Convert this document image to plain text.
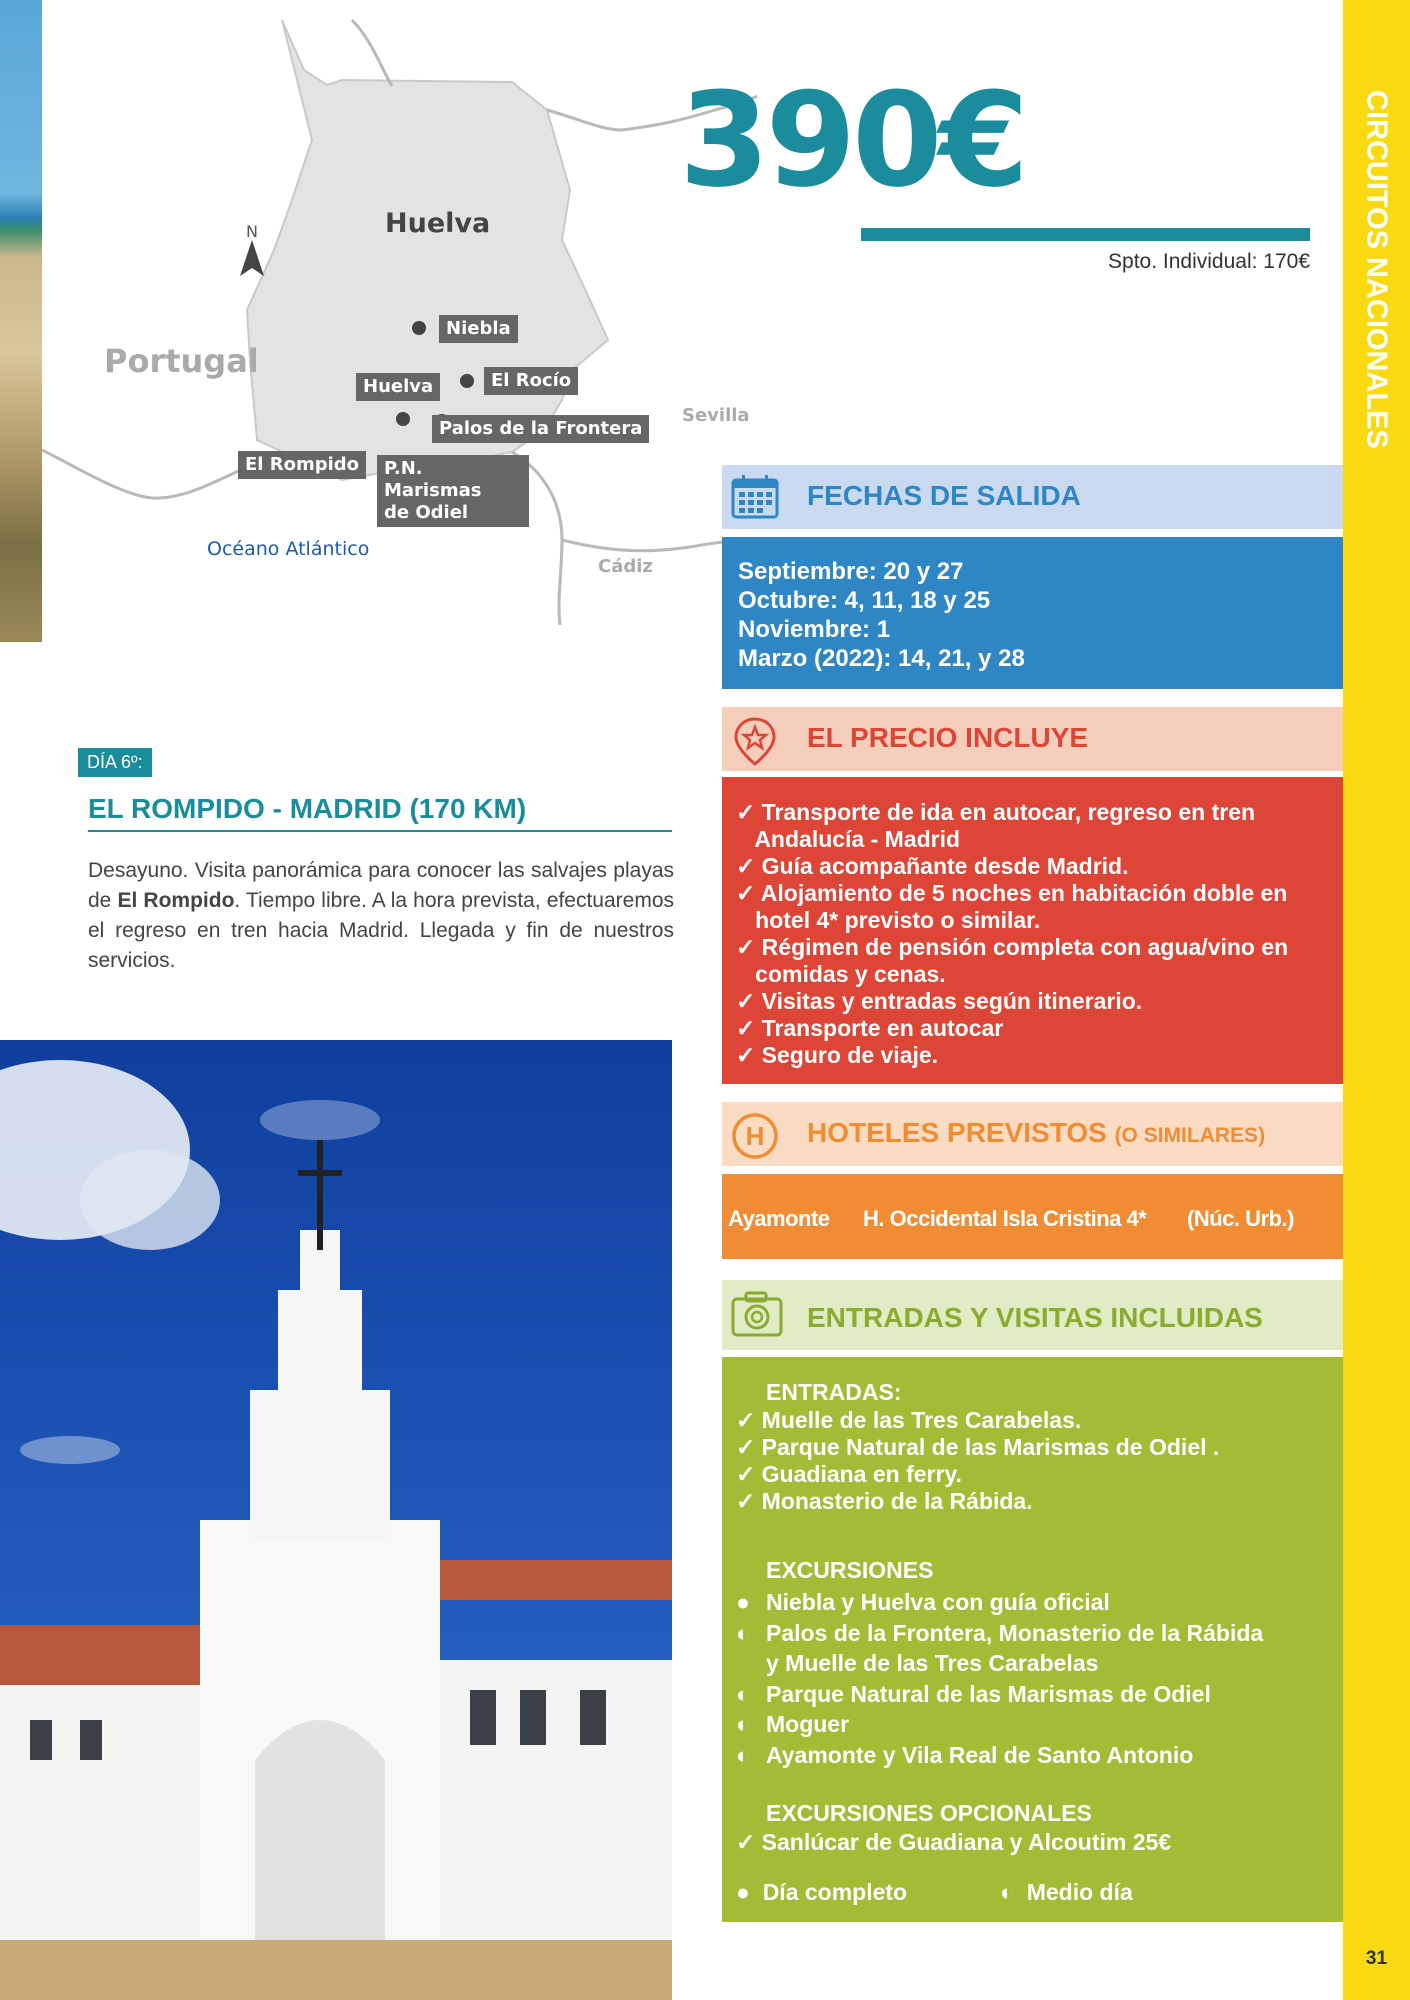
Huelva
N
Portugal
Sevilla
Cádiz
Océano Atlántico
Niebla
El Rocío
Huelva
Palos de la Frontera
El Rompido	P.N. Marismas
de Odiel
390€
Spto. Individual: 170€ CIRCUITOS NACIONALES
31
DÍA 6º:
EL ROMPIDO - MADRID (170 KM)
Desayuno. Visita panorámica para conocer las salvajes playas de El Rompido. Tiempo libre. A la hora prevista, efectuaremos el regreso en tren hacia Madrid. Llegada y fin de nuestros servicios.
FECHAS DE SALIDA
Septiembre: 20 y 27
Octubre: 4, 11, 18 y 25
Noviembre: 1
Marzo (2022): 14, 21, y 28
EL PRECIO INCLUYE
✓ Transporte de ida en autocar, regreso en tren
Andalucía - Madrid
✓ Guía acompañante desde Madrid.
✓ Alojamiento de 5 noches en habitación doble en
hotel 4* previsto o similar.
✓ Régimen de pensión completa con agua/vino en
comidas y cenas.
✓ Visitas y entradas según itinerario.
✓ Transporte en autocar
✓ Seguro de viaje.
H HOTELES PREVISTOS (O SIMILARES)
Ayamonte H. Occidental Isla Cristina 4* (Núc. Urb.)
ENTRADAS Y VISITAS INCLUIDAS
ENTRADAS:
✓ Muelle de las Tres Carabelas.
✓ Parque Natural de las Marismas de Odiel .
✓ Guadiana en ferry.
✓ Monasterio de la Rábida.
EXCURSIONES
● Niebla y Huelva con guía oficial
◐ Palos de la Frontera, Monasterio de la Rábida
y Muelle de las Tres Carabelas
◐ Parque Natural de las Marismas de Odiel
◐ Moguer
◐ Ayamonte y Vila Real de Santo Antonio
EXCURSIONES OPCIONALES
✓ Sanlúcar de Guadiana y Alcoutim 25€
● Día completo	◐ Medio día
